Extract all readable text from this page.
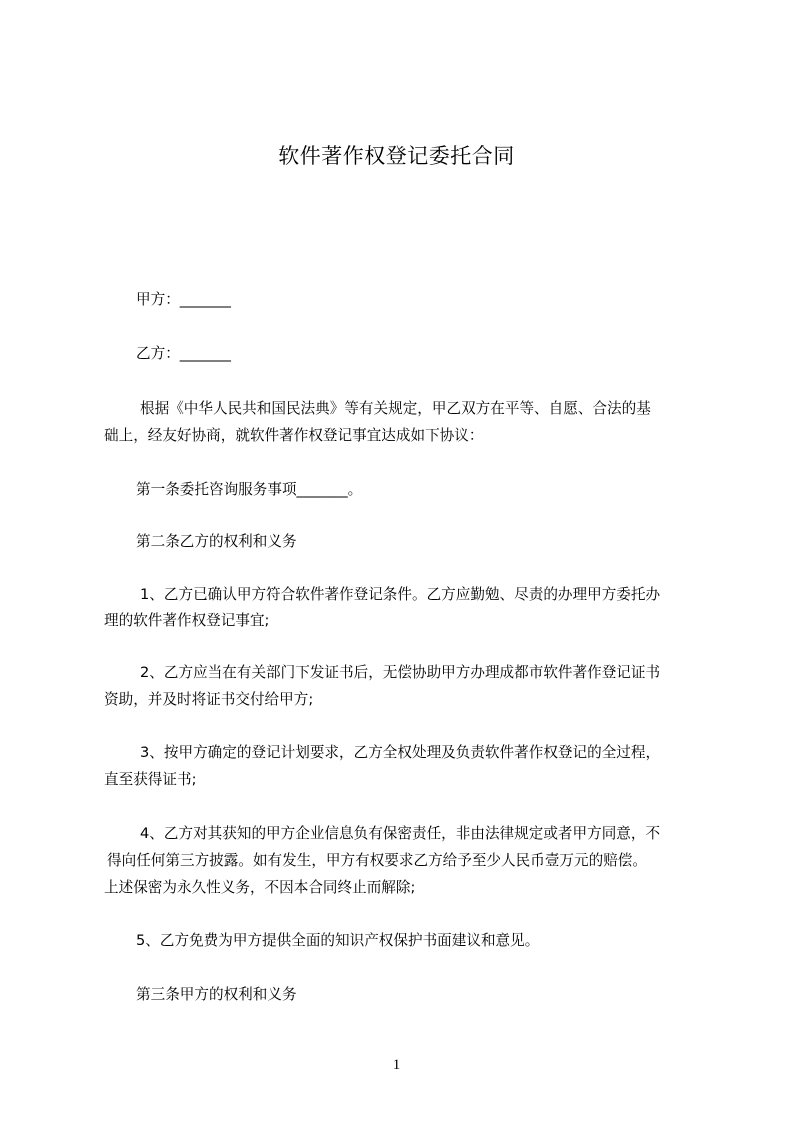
软件著作权登记委托合同
甲方：_______
乙方：_______
根据《中华人民共和国民法典》等有关规定，甲乙双方在平等、自愿、合法的基
础上，经友好协商，就软件著作权登记事宜达成如下协议：
第一条委托咨询服务事项_______。
第二条乙方的权利和义务
1、乙方已确认甲方符合软件著作登记条件。乙方应勤勉、尽责的办理甲方委托办
理的软件著作权登记事宜;
2、乙方应当在有关部门下发证书后，无偿协助甲方办理成都市软件著作登记证书
资助，并及时将证书交付给甲方;
3、按甲方确定的登记计划要求，乙方全权处理及负责软件著作权登记的全过程，
直至获得证书;
4、乙方对其获知的甲方企业信息负有保密责任，非由法律规定或者甲方同意，不
得向任何第三方披露。如有发生，甲方有权要求乙方给予至少人民币壹万元的赔偿。
上述保密为永久性义务，不因本合同终止而解除;
5、乙方免费为甲方提供全面的知识产权保护书面建议和意见。
第三条甲方的权利和义务
1
